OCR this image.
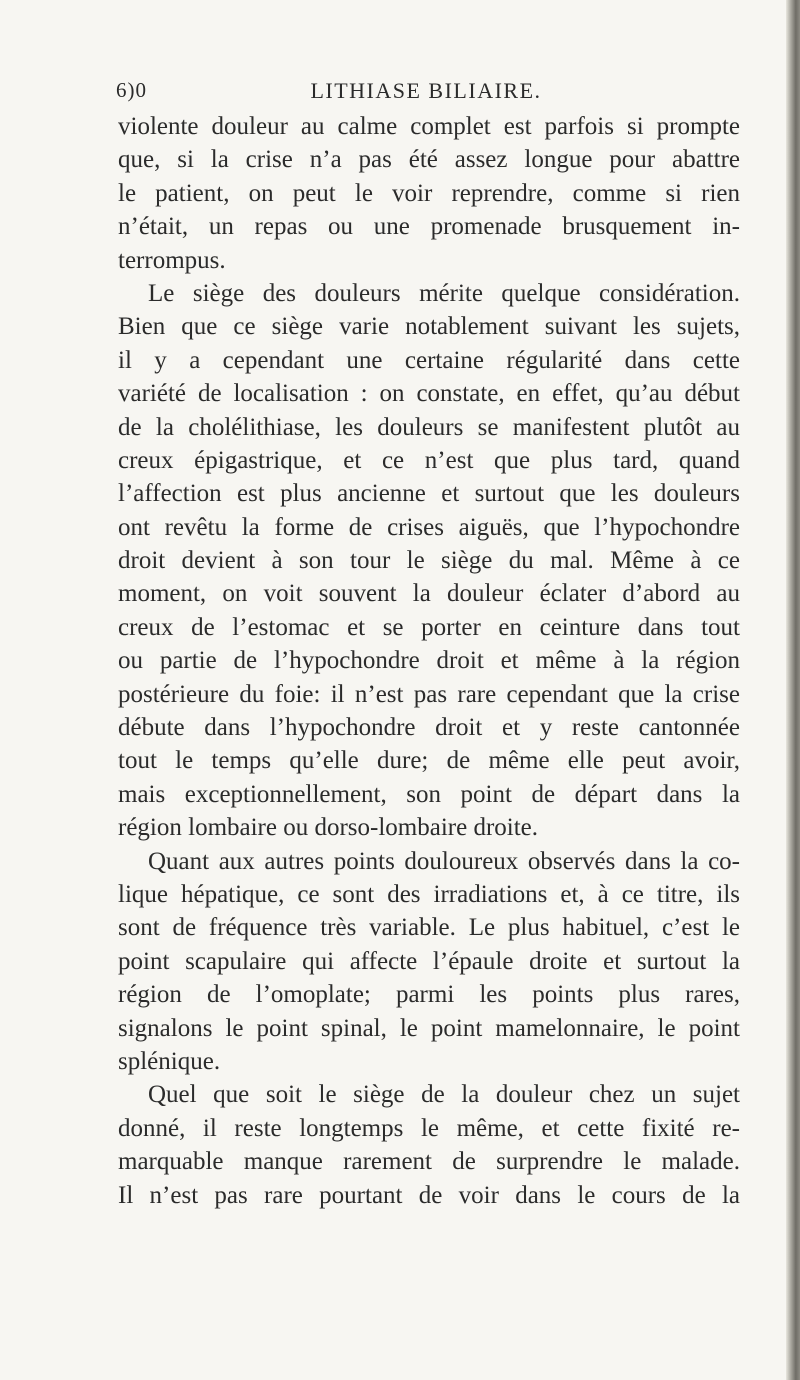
6)0	LITHIASE BILIAIRE.
violente douleur au calme complet est parfois si prompte
que, si la crise n’a pas été assez longue pour abattre
le patient, on peut le voir reprendre, comme si rien
n’était, un repas ou une promenade brusquement in-
terrompus.
Le siège des douleurs mérite quelque considération.
Bien que ce siège varie notablement suivant les sujets,
il y a cependant une certaine régularité dans cette
variété de localisation : on constate, en effet, qu’au début
de la cholélithiase, les douleurs se manifestent plutôt au
creux épigastrique, et ce n’est que plus tard, quand
l’affection est plus ancienne et surtout que les douleurs
ont revêtu la forme de crises aiguës, que l’hypochondre
droit devient à son tour le siège du mal. Même à ce
moment, on voit souvent la douleur éclater d’abord au
creux de l’estomac et se porter en ceinture dans tout
ou partie de l’hypochondre droit et même à la région
postérieure du foie: il n’est pas rare cependant que la crise
débute dans l’hypochondre droit et y reste cantonnée
tout le temps qu’elle dure; de même elle peut avoir,
mais exceptionnellement, son point de départ dans la
région lombaire ou dorso-lombaire droite.
Quant aux autres points douloureux observés dans la co-
lique hépatique, ce sont des irradiations et, à ce titre, ils
sont de fréquence très variable. Le plus habituel, c’est le
point scapulaire qui affecte l’épaule droite et surtout la
région de l’omoplate; parmi les points plus rares,
signalons le point spinal, le point mamelonnaire, le point
splénique.
Quel que soit le siège de la douleur chez un sujet
donné, il reste longtemps le même, et cette fixité re-
marquable manque rarement de surprendre le malade.
Il n’est pas rare pourtant de voir dans le cours de la
